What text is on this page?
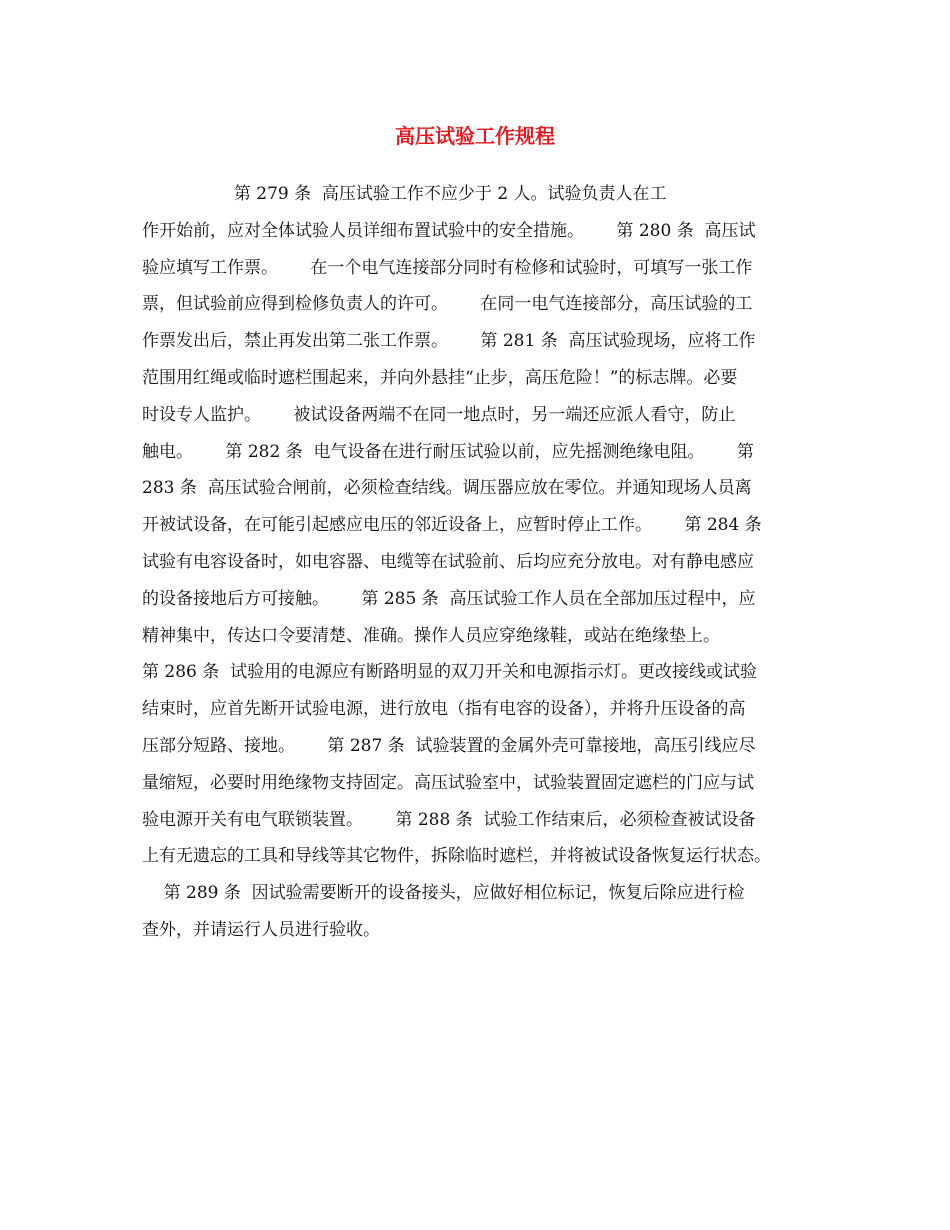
高压试验工作规程
第 279 条  高压试验工作不应少于 2 人。试验负责人在工
作开始前，应对全体试验人员详细布置试验中的安全措施。      第 280 条  高压试
验应填写工作票。      在一个电气连接部分同时有检修和试验时，可填写一张工作
票，但试验前应得到检修负责人的许可。      在同一电气连接部分，高压试验的工
作票发出后，禁止再发出第二张工作票。      第 281 条  高压试验现场，应将工作
范围用红绳或临时遮栏围起来，并向外悬挂“止步，高压危险！”的标志牌。必要
时设专人监护。      被试设备两端不在同一地点时，另一端还应派人看守，防止
触电。      第 282 条  电气设备在进行耐压试验以前，应先摇测绝缘电阻。      第
283 条  高压试验合闸前，必须检查结线。调压器应放在零位。并通知现场人员离
开被试设备，在可能引起感应电压的邻近设备上，应暂时停止工作。      第 284 条
试验有电容设备时，如电容器、电缆等在试验前、后均应充分放电。对有静电感应
的设备接地后方可接触。      第 285 条  高压试验工作人员在全部加压过程中，应
精神集中，传达口令要清楚、准确。操作人员应穿绝缘鞋，或站在绝缘垫上。
第 286 条  试验用的电源应有断路明显的双刀开关和电源指示灯。更改接线或试验
结束时，应首先断开试验电源，进行放电（指有电容的设备），并将升压设备的高
压部分短路、接地。      第 287 条  试验装置的金属外壳可靠接地，高压引线应尽
量缩短，必要时用绝缘物支持固定。高压试验室中，试验装置固定遮栏的门应与试
验电源开关有电气联锁装置。      第 288 条  试验工作结束后，必须检查被试设备
上有无遗忘的工具和导线等其它物件，拆除临时遮栏，并将被试设备恢复运行状态。
第 289 条  因试验需要断开的设备接头，应做好相位标记，恢复后除应进行检
查外，并请运行人员进行验收。
